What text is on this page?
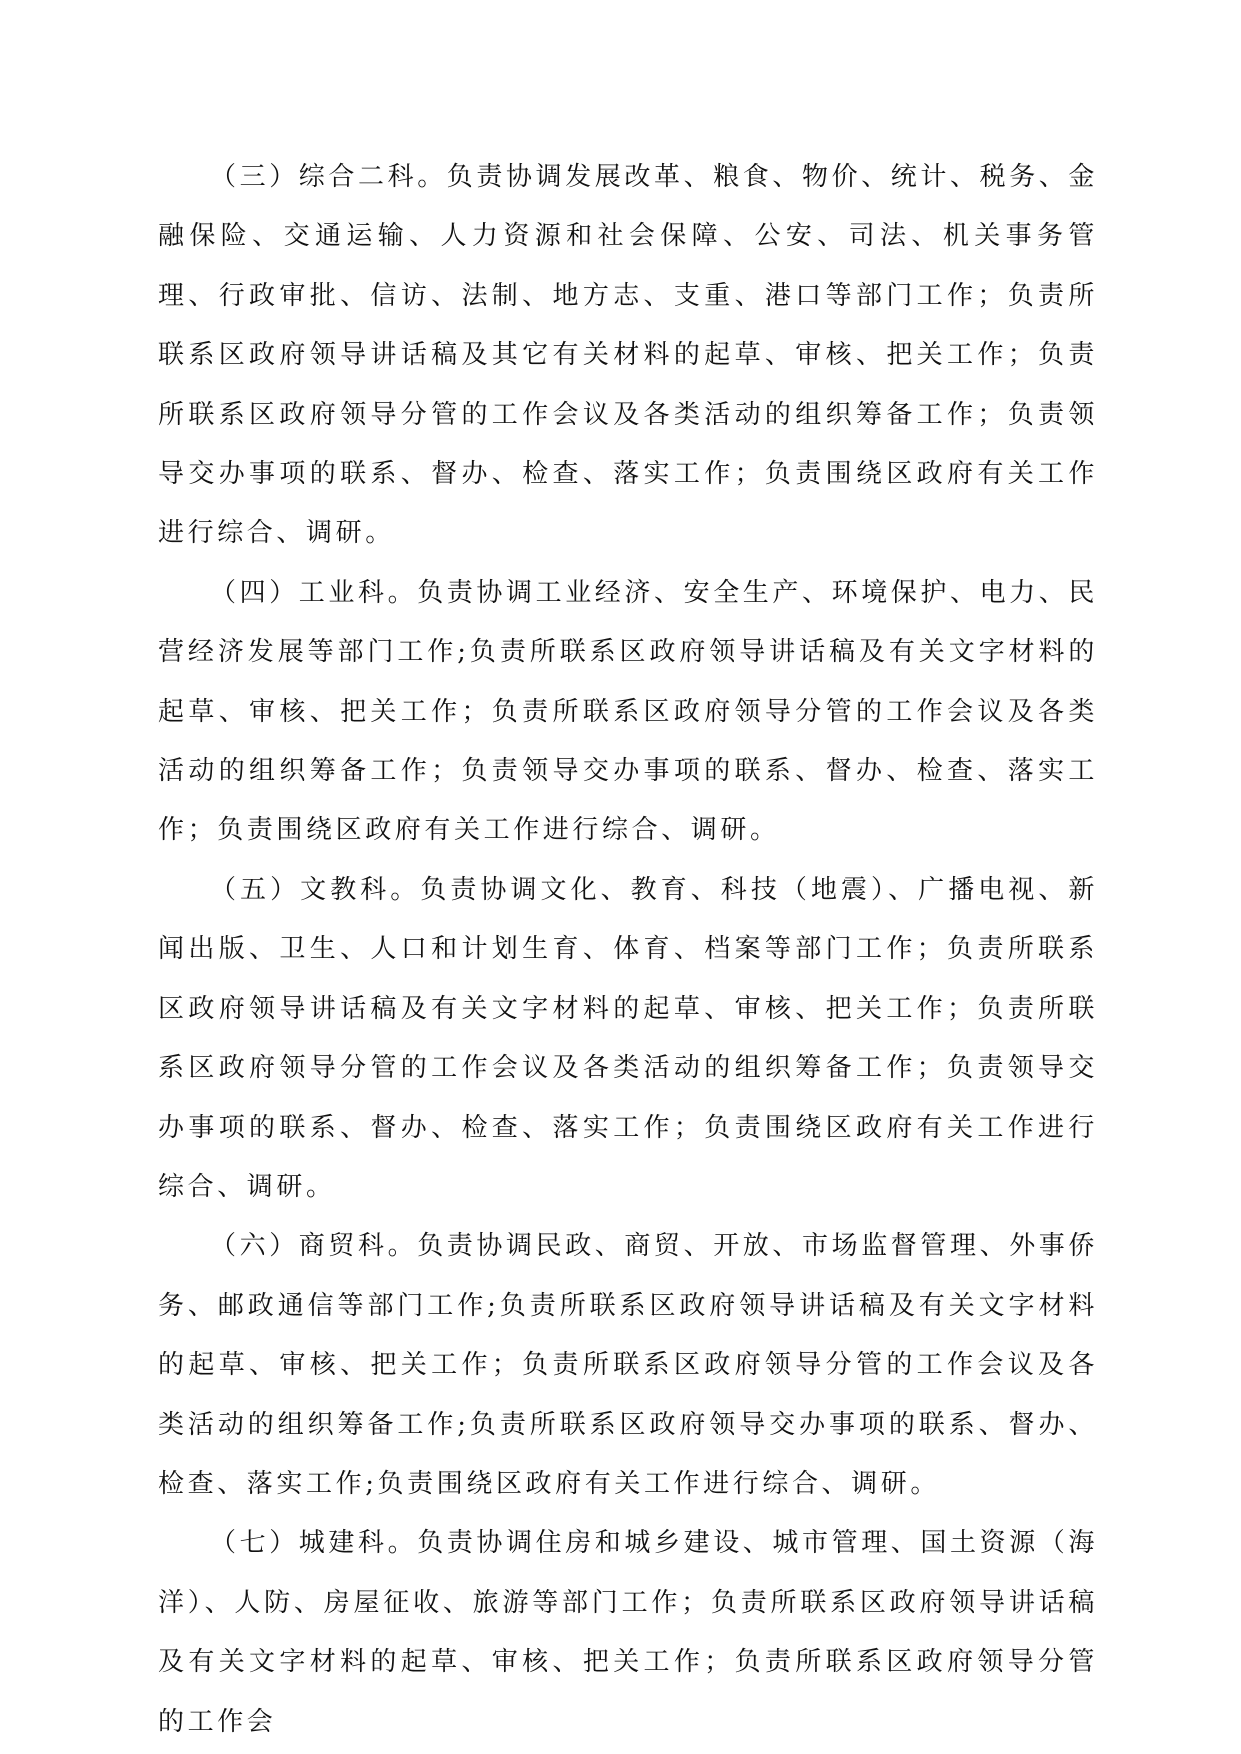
（三）综合二科。负责协调发展改革、粮食、物价、统计、税务、金融保险、交通运输、人力资源和社会保障、公安、司法、机关事务管理、行政审批、信访、法制、地方志、支重、港口等部门工作；负责所联系区政府领导讲话稿及其它有关材料的起草、审核、把关工作；负责所联系区政府领导分管的工作会议及各类活动的组织筹备工作；负责领导交办事项的联系、督办、检查、落实工作；负责围绕区政府有关工作进行综合、调研。

（四）工业科。负责协调工业经济、安全生产、环境保护、电力、民营经济发展等部门工作;负责所联系区政府领导讲话稿及有关文字材料的起草、审核、把关工作；负责所联系区政府领导分管的工作会议及各类活动的组织筹备工作；负责领导交办事项的联系、督办、检查、落实工作；负责围绕区政府有关工作进行综合、调研。

（五）文教科。负责协调文化、教育、科技（地震）、广播电视、新闻出版、卫生、人口和计划生育、体育、档案等部门工作；负责所联系区政府领导讲话稿及有关文字材料的起草、审核、把关工作；负责所联系区政府领导分管的工作会议及各类活动的组织筹备工作；负责领导交办事项的联系、督办、检查、落实工作；负责围绕区政府有关工作进行综合、调研。

（六）商贸科。负责协调民政、商贸、开放、市场监督管理、外事侨务、邮政通信等部门工作;负责所联系区政府领导讲话稿及有关文字材料的起草、审核、把关工作；负责所联系区政府领导分管的工作会议及各类活动的组织筹备工作;负责所联系区政府领导交办事项的联系、督办、检查、落实工作;负责围绕区政府有关工作进行综合、调研。

（七）城建科。负责协调住房和城乡建设、城市管理、国土资源（海洋）、人防、房屋征收、旅游等部门工作；负责所联系区政府领导讲话稿及有关文字材料的起草、审核、把关工作；负责所联系区政府领导分管的工作会
